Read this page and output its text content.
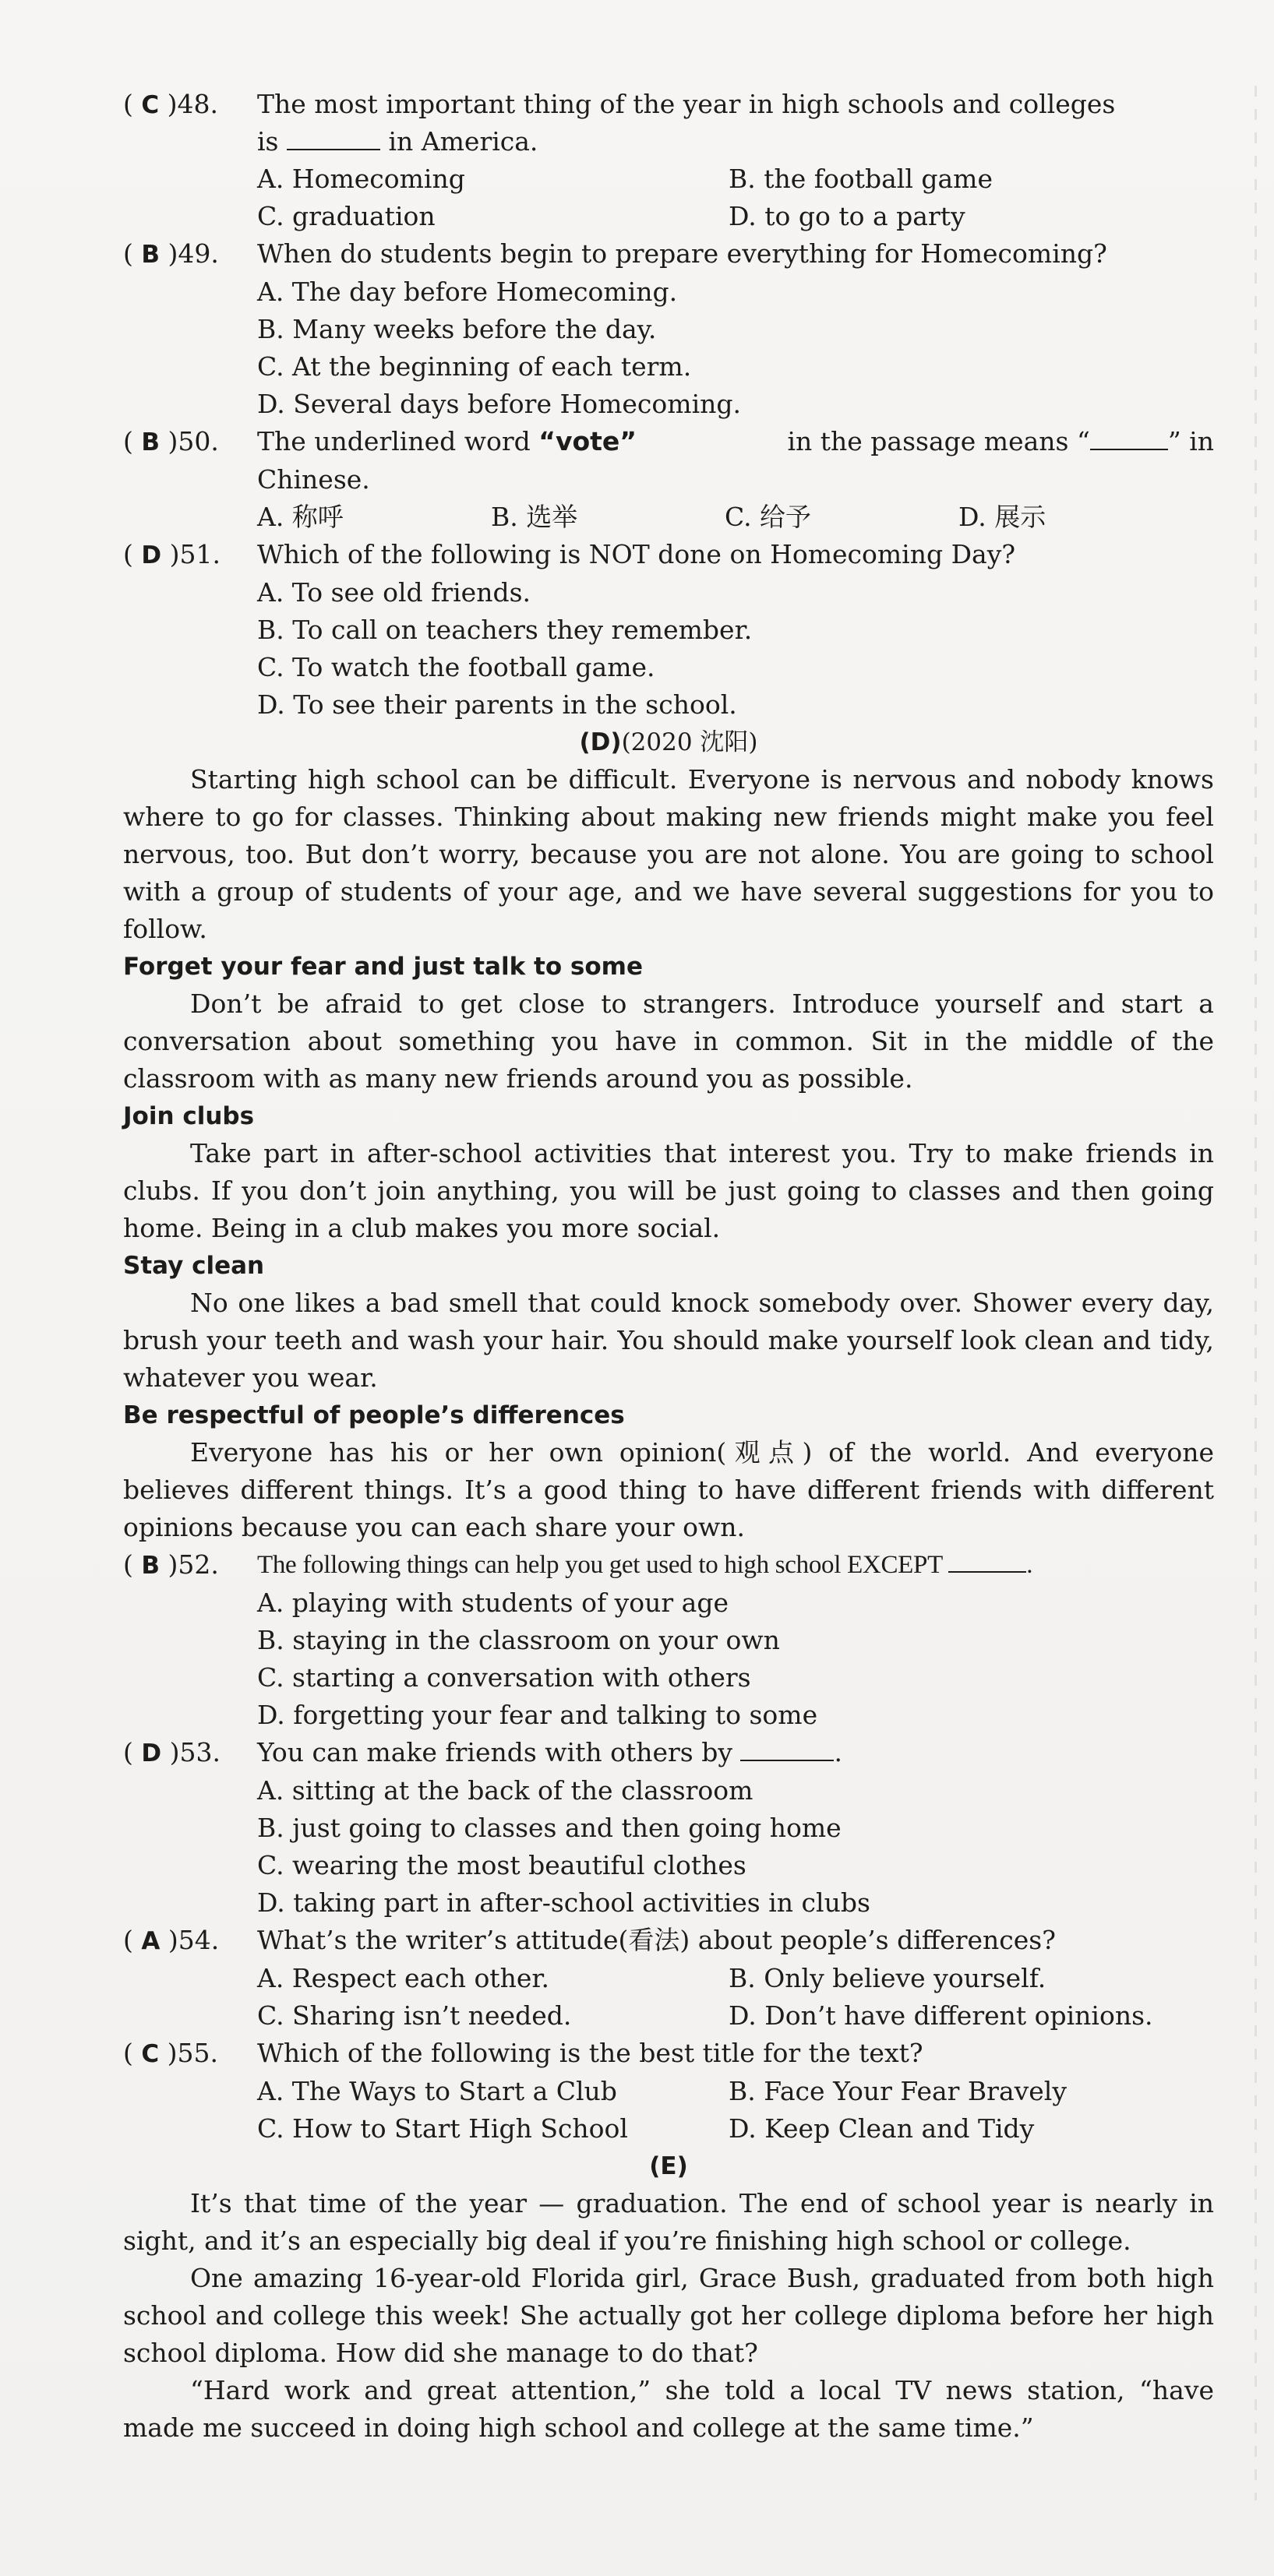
( C )48.	The most important thing of the year in high schools and colleges
is	in America.
A. Homecoming	B. the football game
C. graduation	D. to go to a party
( B )49.	When do students begin to prepare everything for Homecoming?
A. The day before Homecoming.
B. Many weeks before the day.
C. At the beginning of each term.
D. Several days before Homecoming.
( B )50.	The underlined word “vote”	in the passage means “	” in
Chinese.
A. 称呼	B. 选举	C. 给予	D. 展示
( D )51.	Which of the following is NOT done on Homecoming Day?
A. To see old friends.
B. To call on teachers they remember.
C. To watch the football game.
D. To see their parents in the school.
(D)(2020 沈阳)
Starting high school can be difficult. Everyone is nervous and nobody knows where to go for classes. Thinking about making new friends might make you feel nervous, too. But don’t worry, because you are not alone. You are going to school with a group of students of your age, and we have several suggestions for you to follow.
Forget your fear and just talk to some
Don’t be afraid to get close to strangers. Introduce yourself and start a conversation about something you have in common. Sit in the middle of the classroom with as many new friends around you as possible.
Join clubs
Take part in after-school activities that interest you. Try to make friends in clubs. If you don’t join anything, you will be just going to classes and then going home. Being in a club makes you more social.
Stay clean
No one likes a bad smell that could knock somebody over. Shower every day, brush your teeth and wash your hair. You should make yourself look clean and tidy, whatever you wear.
Be respectful of people’s differences
Everyone has his or her own opinion(观点) of the world. And everyone believes different things. It’s a good thing to have different friends with different opinions because you can each share your own.
( B )52.	The following things can help you get used to high school EXCEPT	.
A. playing with students of your age
B. staying in the classroom on your own
C. starting a conversation with others
D. forgetting your fear and talking to some
( D )53.	You can make friends with others by	.
A. sitting at the back of the classroom
B. just going to classes and then going home
C. wearing the most beautiful clothes
D. taking part in after-school activities in clubs
( A )54.	What’s the writer’s attitude(看法) about people’s differences?
A. Respect each other.	B. Only believe yourself.
C. Sharing isn’t needed.	D. Don’t have different opinions.
( C )55.	Which of the following is the best title for the text?
A. The Ways to Start a Club	B. Face Your Fear Bravely
C. How to Start High School	D. Keep Clean and Tidy
(E)
It’s that time of the year — graduation. The end of school year is nearly in sight, and it’s an especially big deal if you’re finishing high school or college.
One amazing 16-year-old Florida girl, Grace Bush, graduated from both high school and college this week! She actually got her college diploma before her high school diploma. How did she manage to do that?
“Hard work and great attention,” she told a local TV news station, “have made me succeed in doing high school and college at the same time.”
